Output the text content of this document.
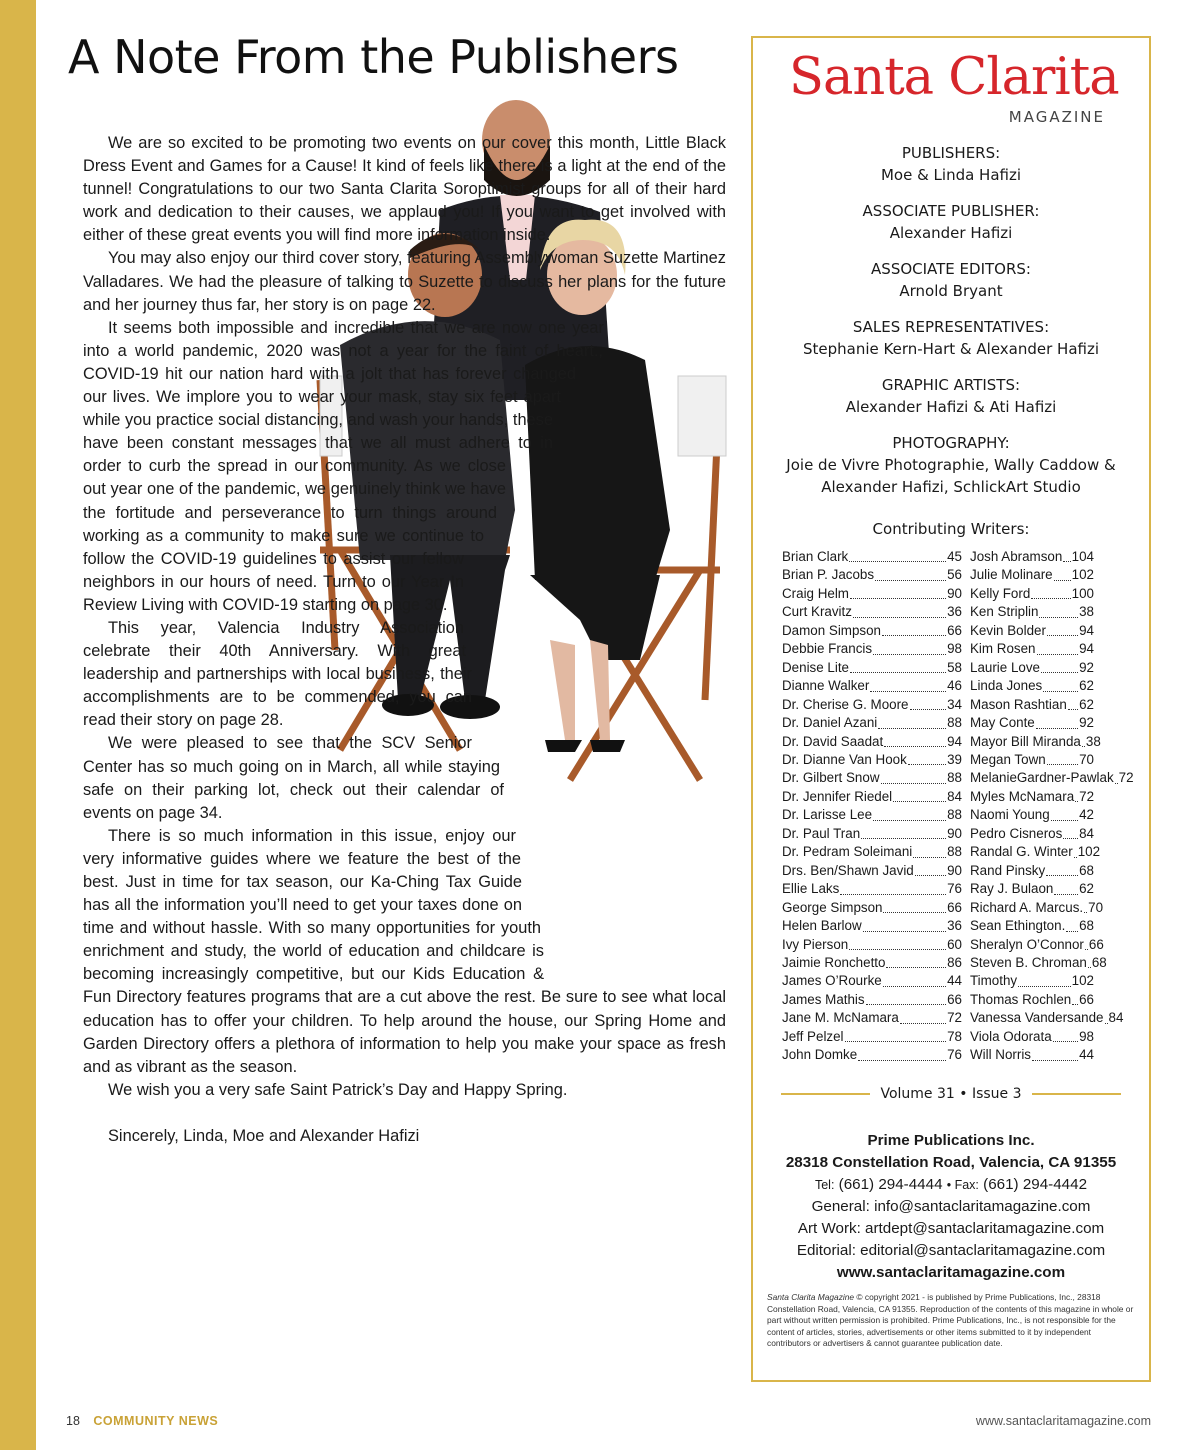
A Note From the Publishers

We are so excited to be promoting two events on our cover this month, Little Black Dress Event and Games for a Cause! It kind of feels like there is a light at the end of the tunnel! Congratulations to our two Santa Clarita Soroptimist groups for all of their hard work and dedication to their causes, we applaud you! If you want to get involved with either of these great events you will find more information inside.

You may also enjoy our third cover story, featuring Assemblywoman Suzette Martinez Valladares. We had the pleasure of talking to Suzette to discuss her plans for the future and her journey thus far, her story is on page 22.

It seems both impossible and incredible that we are now one year into a world pandemic, 2020 was not a year for the faint of heart., COVID-19 hit our nation hard with a jolt that has forever changed our lives. We implore you to wear your mask, stay six feet apart while you practice social distancing, and wash your hands, these have been constant messages that we all must adhere to in order to curb the spread in our community. As we close out year one of the pandemic, we genuinely think we have the fortitude and perseverance to turn things around working as a community to make sure we continue to follow the COVID-19 guidelines to assist our fellow neighbors in our hours of need. Turn to our Year In Review Living with COVID-19 starting on page 30.

This year, Valencia Industry Association celebrate their 40th Anniversary. With great leadership and partnerships with local business, their accomplishments are to be commended, you can read their story on page 28.

We were pleased to see that the SCV Senior Center has so much going on in March, all while staying safe on their parking lot, check out their calendar of events on page 34.

There is so much information in this issue, enjoy our very informative guides where we feature the best of the best. Just in time for tax season, our Ka-Ching Tax Guide has all the information you’ll need to get your taxes done on time and without hassle. With so many opportunities for youth enrichment and study, the world of education and childcare is becoming increasingly competitive, but our Kids Education & Fun Directory features programs that are a cut above the rest. Be sure to see what local education has to offer your children. To help around the house, our Spring Home and Garden Directory offers a plethora of information to help you make your space as fresh and as vibrant as the season.

We wish you a very safe Saint Patrick’s Day and Happy Spring.

Sincerely, Linda, Moe and Alexander Hafizi

Santa Clarita
MAGAZINE
PUBLISHERS:
Moe & Linda Hafizi
ASSOCIATE PUBLISHER:
Alexander Hafizi
ASSOCIATE EDITORS:
Arnold Bryant
SALES REPRESENTATIVES:
Stephanie Kern-Hart & Alexander Hafizi
GRAPHIC ARTISTS:
Alexander Hafizi & Ati Hafizi
PHOTOGRAPHY:
Joie de Vivre Photographie, Wally Caddow & Alexander Hafizi, SchlickArt Studio
Contributing Writers:
Brian Clark	45
Brian P. Jacobs	56
Craig Helm	90
Curt Kravitz	36
Damon Simpson	66
Debbie Francis	98
Denise Lite	58
Dianne Walker	46
Dr. Cherise G. Moore	34
Dr. Daniel Azani	88
Dr. David Saadat	94
Dr. Dianne Van Hook	39
Dr. Gilbert Snow	88
Dr. Jennifer Riedel	84
Dr. Larisse Lee	88
Dr. Paul Tran	90
Dr. Pedram Soleimani	88
Drs. Ben/Shawn Javid 90
Ellie Laks	76
George Simpson	66
Helen Barlow	36
Ivy Pierson	60
Jaimie Ronchetto	86
James O’Rourke	44
James Mathis	66
Jane M. McNamara	72
Jeff Pelzel	78
John Domke	76
Josh Abramson 104
Julie Molinare 102
Kelly Ford	100
Ken Striplin	38
Kevin Bolder 94
Kim Rosen	94
Laurie Love	92
Linda Jones	62
Mason Rashtian 62
May Conte	92
Mayor Bill Miranda 38
Megan Town 70
MelanieGardner-Pawlak 72
Myles McNamara 72
Naomi Young 42
Pedro Cisneros 84
Randal G. Winter 102
Rand Pinsky	68
Ray J. Bulaon 62
Richard A. Marcus. 70
Sean Ethington. 68
Sheralyn O’Connor 66
Steven B. Chroman 68
Timothy	102
Thomas Rochlen 66
Vanessa Vandersande 84
Viola Odorata 98
Will Norris	44
Volume 31 • Issue 3
Prime Publications Inc.
28318 Constellation Road, Valencia, CA 91355
Tel: (661) 294-4444 • Fax: (661) 294-4442
General: info@santaclaritamagazine.com
Art Work: artdept@santaclaritamagazine.com
Editorial: editorial@santaclaritamagazine.com
www.santaclaritamagazine.com
Santa Clarita Magazine © copyright 2021 - is published by Prime Publications, Inc., 28318 Constellation Road, Valencia, CA 91355. Reproduction of the contents of this magazine in whole or part without written permission is prohibited. Prime Publications, Inc., is not responsible for the content of articles, stories, advertisements or other items submitted to it by independent contributors or advertisers & cannot guarantee publication date.
18 COMMUNITY NEWS	www.santaclaritamagazine.com
